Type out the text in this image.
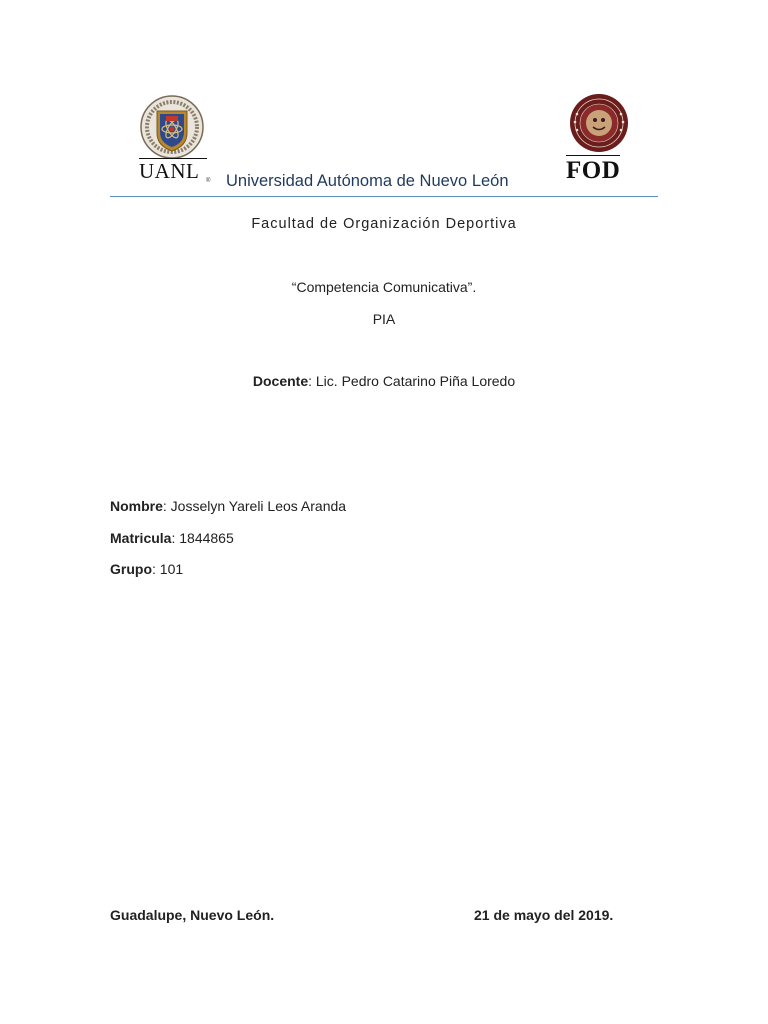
UANL	® Universidad Autónoma de Nuevo León FOD
Facultad de Organización Deportiva
“Competencia Comunicativa”.
PIA
Docente: Lic. Pedro Catarino Piña Loredo
Nombre: Josselyn Yareli Leos Aranda
Matricula: 1844865
Grupo: 101
Guadalupe, Nuevo León.	21 de mayo del 2019.
